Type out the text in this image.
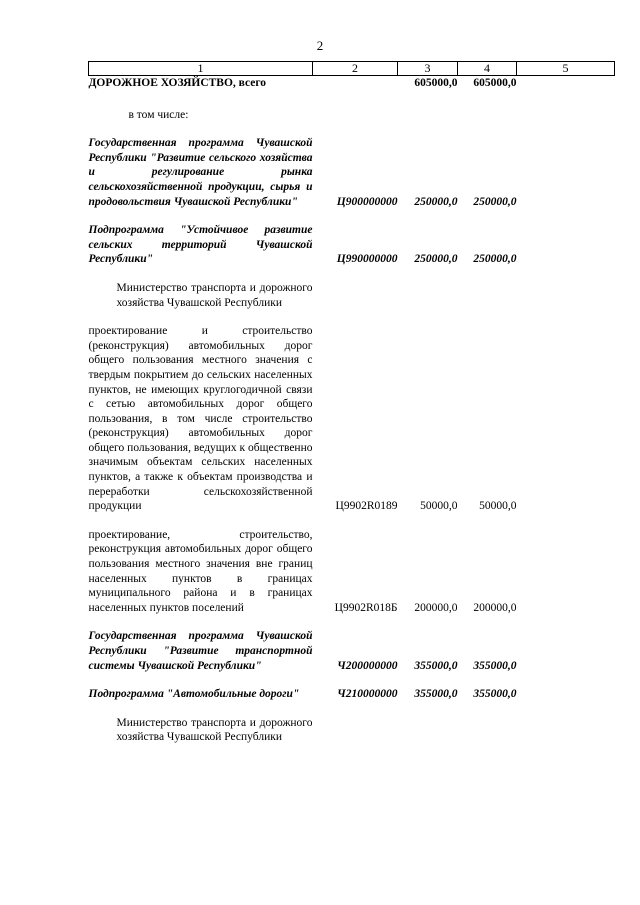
2
1	2	3	4	5
ДОРОЖНОЕ ХОЗЯЙСТВО, всего		605000,0	605000,0	

в том числе:				

Государственная программа Чувашской Республики "Развитие сельского хозяйства и регулирование рынка сельскохозяйственной продукции, сырья и продовольствия Чувашской Республики"	Ц900000000	250000,0	250000,0	

Подпрограмма "Устойчивое развитие сельских территорий Чувашской Республики"	Ц990000000	250000,0	250000,0	

Министерство транспорта и дорожного хозяйства Чувашской Республики				

проектирование и строительство (реконструкция) автомобильных дорог общего пользования местного значения с твердым покрытием до сельских населенных пунктов, не имеющих круглогодичной связи с сетью автомобильных дорог общего пользования, в том числе строительство (реконструкция) автомобильных дорог общего пользования, ведущих к общественно значимым объектам сельских населенных пунктов, а также к объектам производства и переработки сельскохозяйственной продукции	Ц9902R0189	50000,0	50000,0	

проектирование, строительство, реконструкция автомобильных дорог общего пользования местного значения вне границ населенных пунктов в границах муниципального района и в границах населенных пунктов поселений	Ц9902R018Б	200000,0	200000,0	

Государственная программа Чувашской Республики "Развитие транспортной системы Чувашской Республики"	Ч200000000	355000,0	355000,0	

Подпрограмма "Автомобильные дороги"	Ч210000000	355000,0	355000,0	

Министерство транспорта и дорожного хозяйства Чувашской Республики				
